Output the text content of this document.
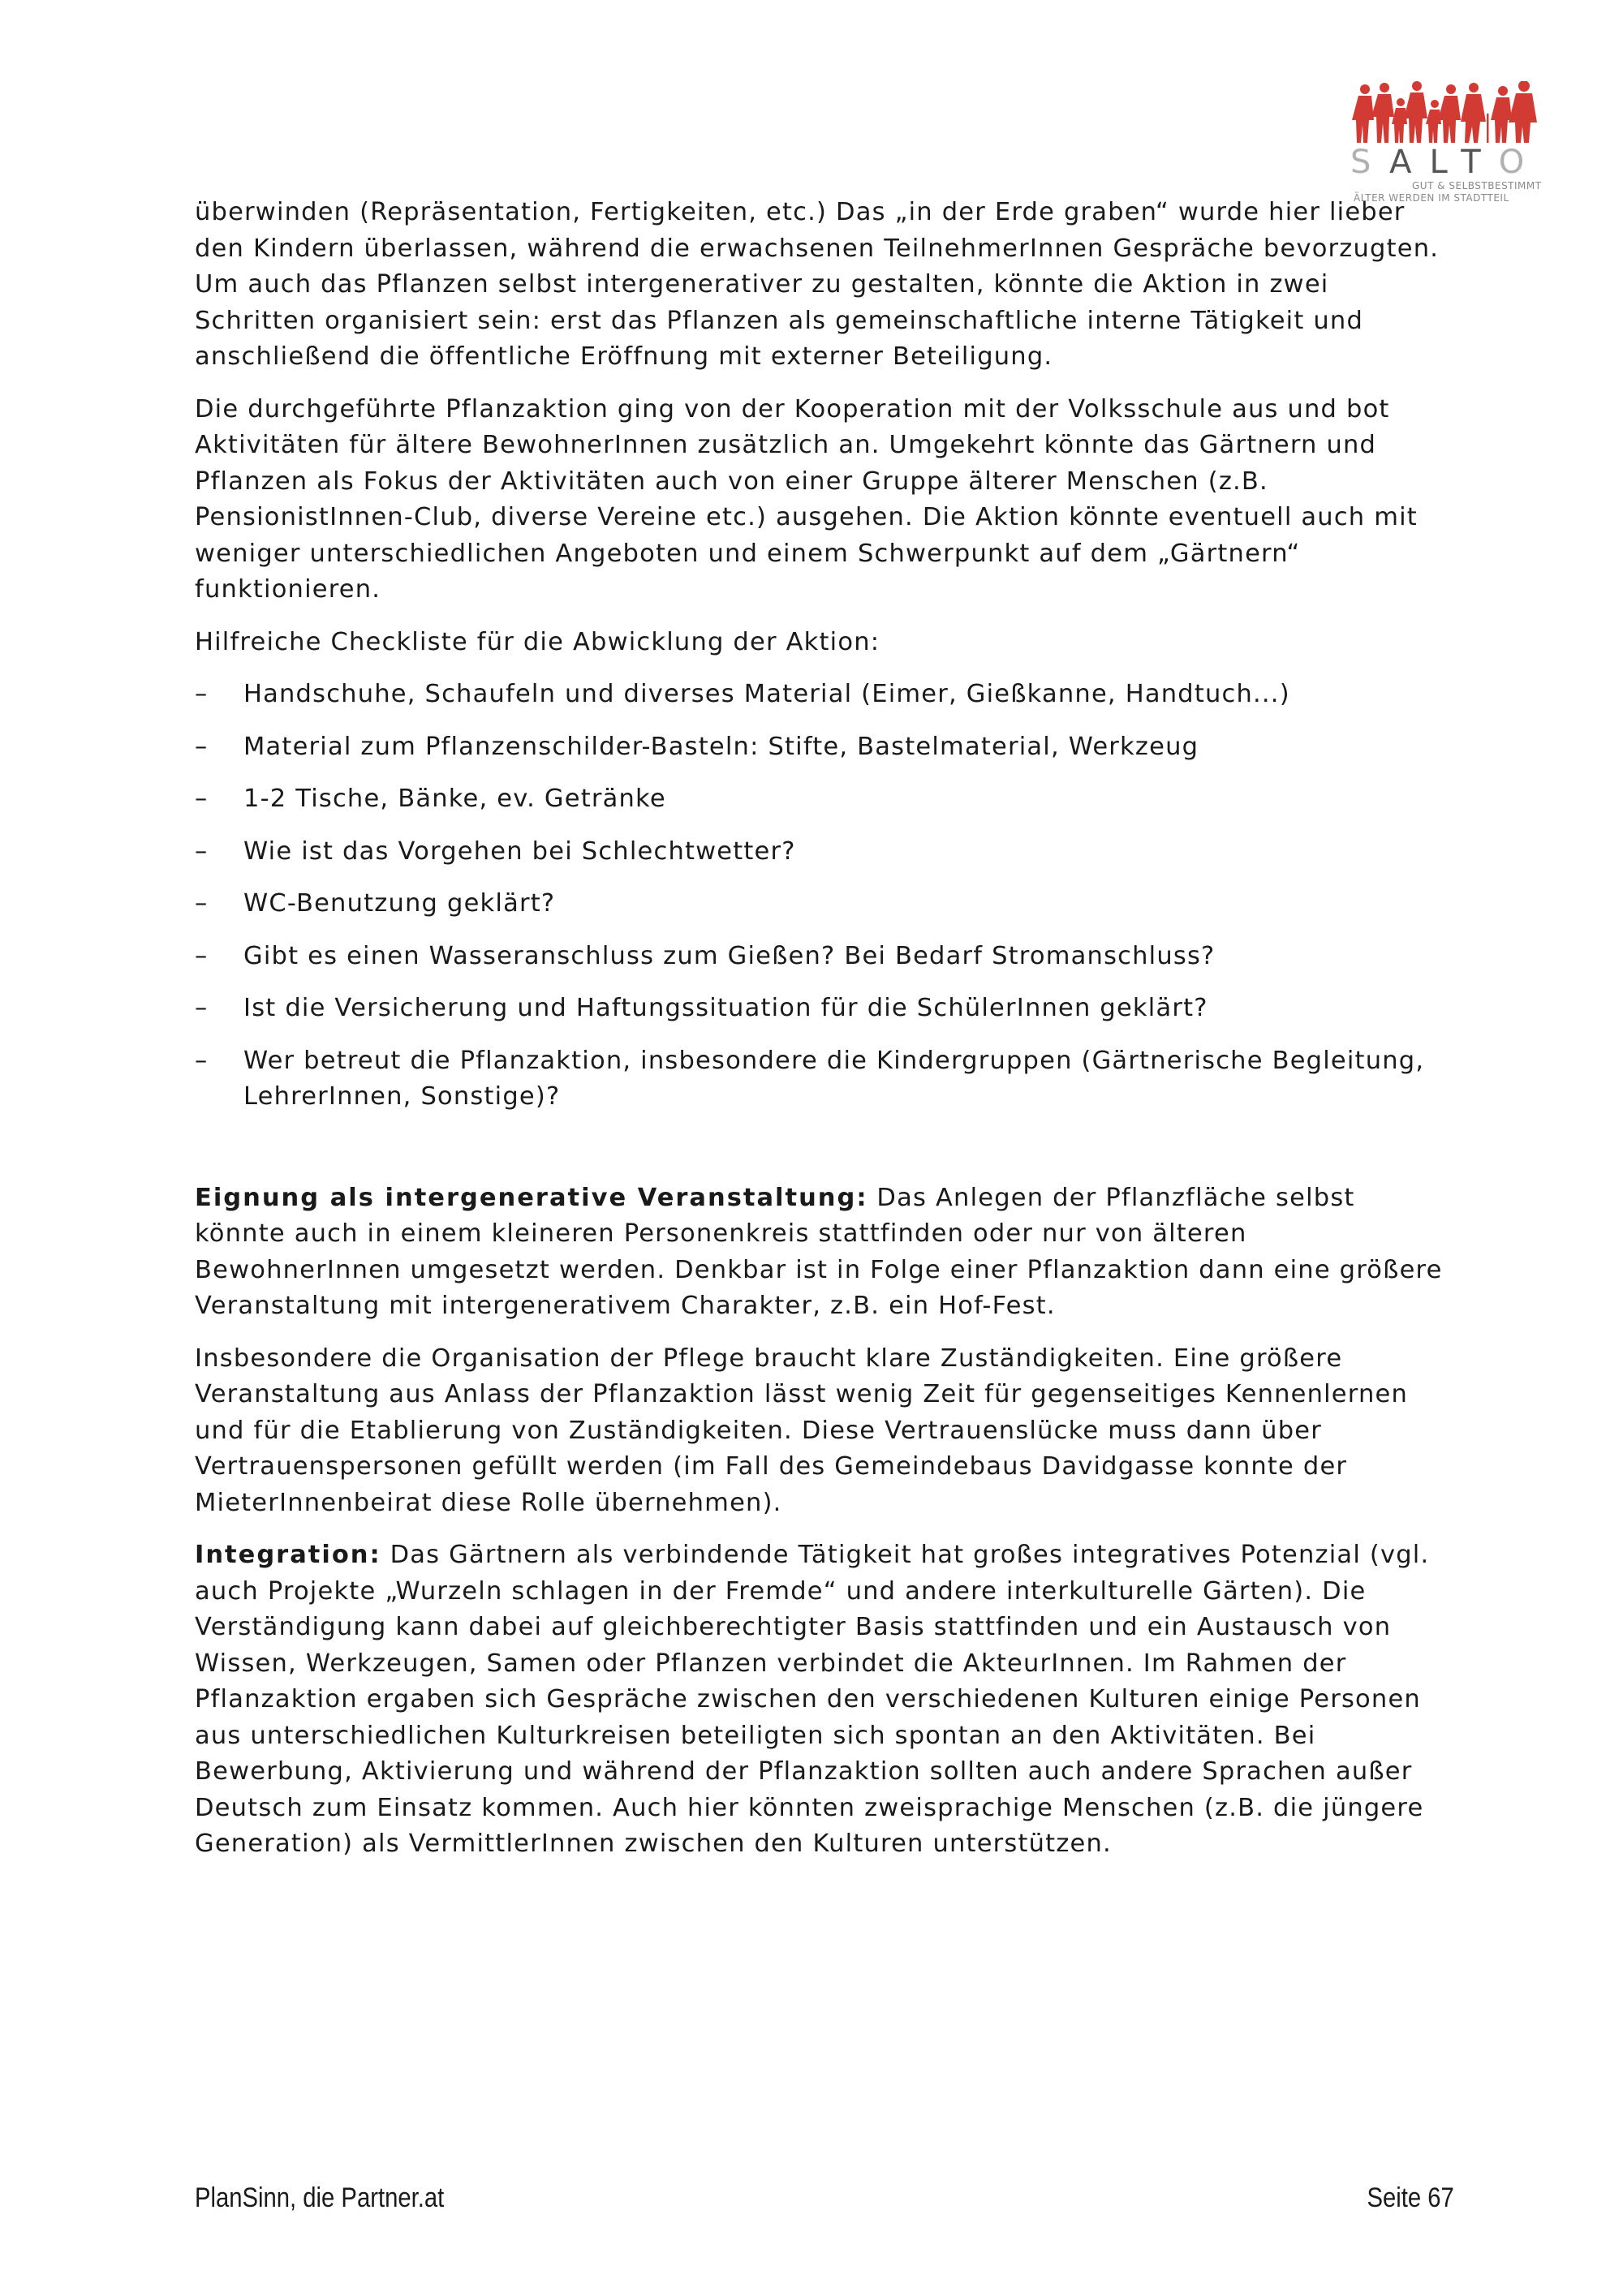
SALTO
GUT & SELBSTBESTIMMT
ÄLTER WERDEN IM STADTTEIL

überwinden (Repräsentation, Fertigkeiten, etc.) Das „in der Erde graben“ wurde hier lieber den Kindern überlassen, während die erwachsenen TeilnehmerInnen Gespräche bevorzugten. Um auch das Pflanzen selbst intergenerativer zu gestalten, könnte die Aktion in zwei Schritten organisiert sein: erst das Pflanzen als gemeinschaftliche interne Tätigkeit und anschließend die öffentliche Eröffnung mit externer Beteiligung.

Die durchgeführte Pflanzaktion ging von der Kooperation mit der Volksschule aus und bot Aktivitäten für ältere BewohnerInnen zusätzlich an. Umgekehrt könnte das Gärtnern und Pflanzen als Fokus der Aktivitäten auch von einer Gruppe älterer Menschen (z.B. PensionistInnen-Club, diverse Vereine etc.) ausgehen. Die Aktion könnte eventuell auch mit weniger unterschiedlichen Angeboten und einem Schwerpunkt auf dem „Gärtnern“ funktionieren.

Hilfreiche Checkliste für die Abwicklung der Aktion:

– Handschuhe, Schaufeln und diverses Material (Eimer, Gießkanne, Handtuch...)
– Material zum Pflanzenschilder-Basteln: Stifte, Bastelmaterial, Werkzeug
– 1-2 Tische, Bänke, ev. Getränke
– Wie ist das Vorgehen bei Schlechtwetter?
– WC-Benutzung geklärt?
– Gibt es einen Wasseranschluss zum Gießen? Bei Bedarf Stromanschluss?
– Ist die Versicherung und Haftungssituation für die SchülerInnen geklärt?
– Wer betreut die Pflanzaktion, insbesondere die Kindergruppen (Gärtnerische Begleitung, LehrerInnen, Sonstige)?

Eignung als intergenerative Veranstaltung: Das Anlegen der Pflanzfläche selbst könnte auch in einem kleineren Personenkreis stattfinden oder nur von älteren BewohnerInnen umgesetzt werden. Denkbar ist in Folge einer Pflanzaktion dann eine größere Veranstaltung mit intergenerativem Charakter, z.B. ein Hof-Fest.

Insbesondere die Organisation der Pflege braucht klare Zuständigkeiten. Eine größere Veranstaltung aus Anlass der Pflanzaktion lässt wenig Zeit für gegenseitiges Kennenlernen und für die Etablierung von Zuständigkeiten. Diese Vertrauenslücke muss dann über Vertrauenspersonen gefüllt werden (im Fall des Gemeindebaus Davidgasse konnte der MieterInnenbeirat diese Rolle übernehmen).

Integration: Das Gärtnern als verbindende Tätigkeit hat großes integratives Potenzial (vgl. auch Projekte „Wurzeln schlagen in der Fremde“ und andere interkulturelle Gärten). Die Verständigung kann dabei auf gleichberechtigter Basis stattfinden und ein Austausch von Wissen, Werkzeugen, Samen oder Pflanzen verbindet die AkteurInnen. Im Rahmen der Pflanzaktion ergaben sich Gespräche zwischen den verschiedenen Kulturen einige Personen aus unterschiedlichen Kulturkreisen beteiligten sich spontan an den Aktivitäten. Bei Bewerbung, Aktivierung und während der Pflanzaktion sollten auch andere Sprachen außer Deutsch zum Einsatz kommen. Auch hier könnten zweisprachige Menschen (z.B. die jüngere Generation) als VermittlerInnen zwischen den Kulturen unterstützen.

PlanSinn, die Partner.at	Seite 67
